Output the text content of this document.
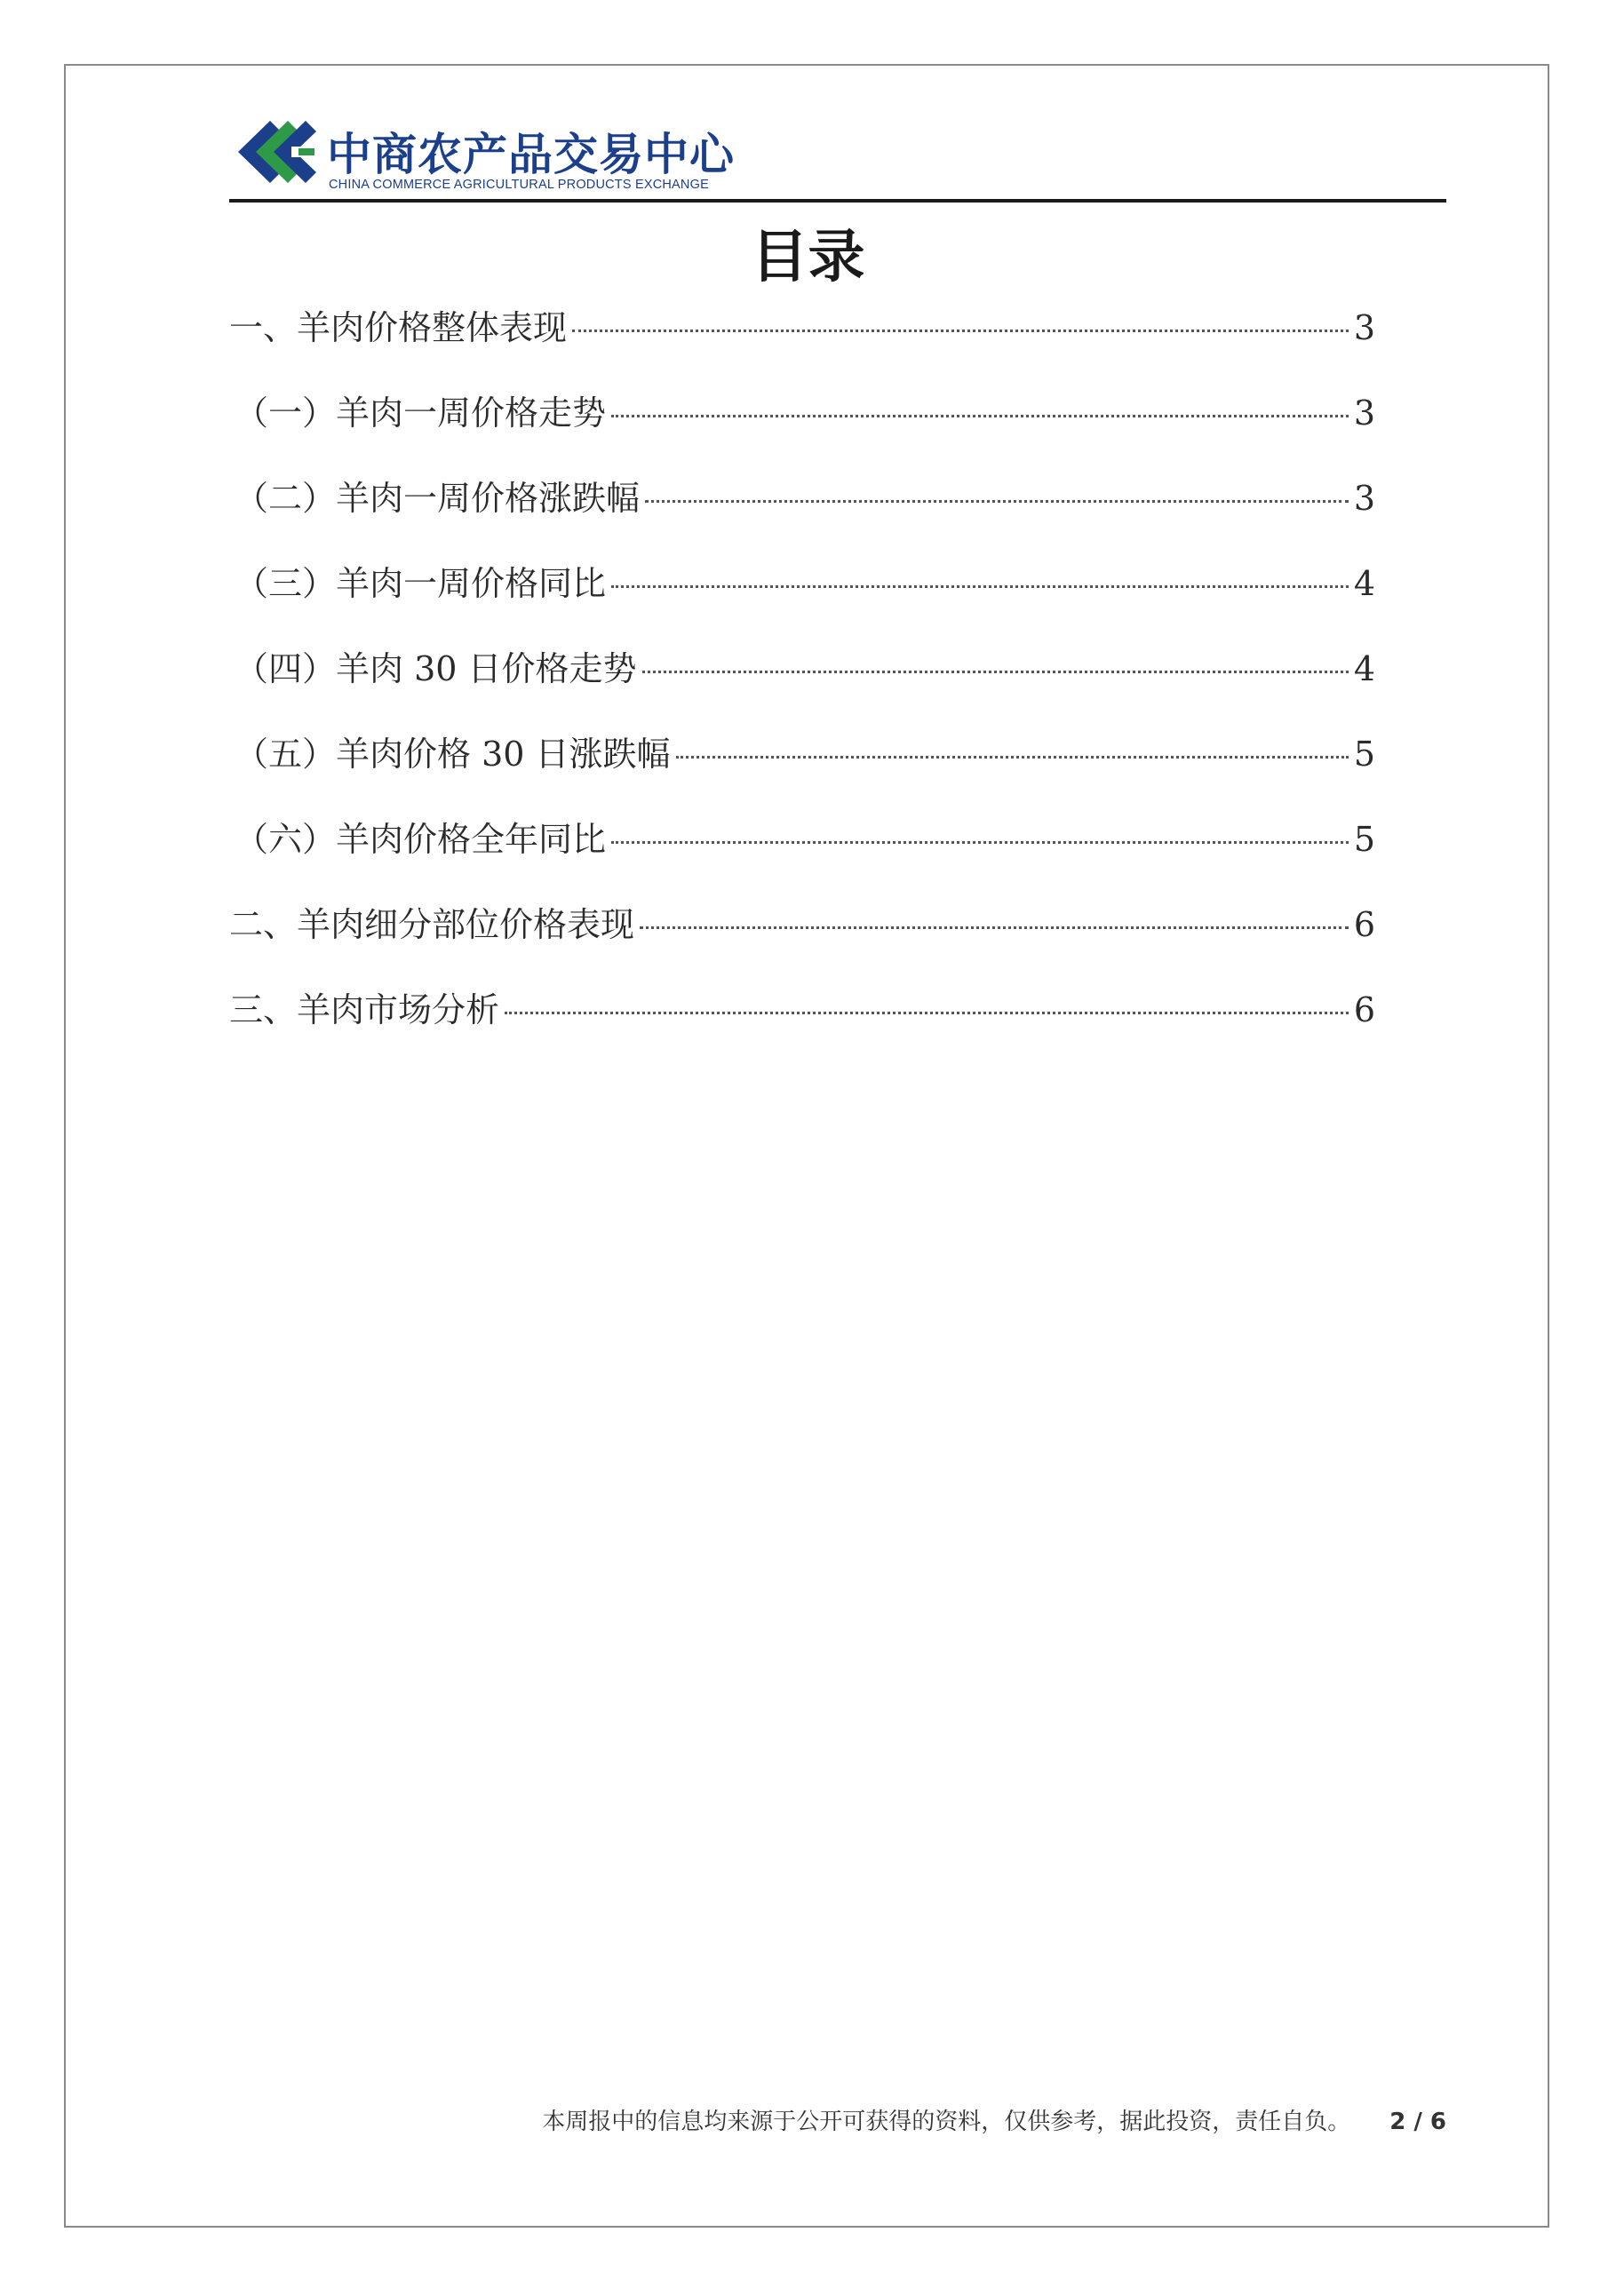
中商农产品交易中心
CHINA COMMERCE AGRICULTURAL PRODUCTS EXCHANGE
目录
一、羊肉价格整体表现	3
（一）羊肉一周价格走势	3
（二）羊肉一周价格涨跌幅	3
（三）羊肉一周价格同比	4
（四）羊肉 30 日价格走势	4
（五）羊肉价格 30 日涨跌幅	5
（六）羊肉价格全年同比	5
二、羊肉细分部位价格表现	6
三、羊肉市场分析	6
本周报中的信息均来源于公开可获得的资料，仅供参考，据此投资，责任自负。 2 / 6
